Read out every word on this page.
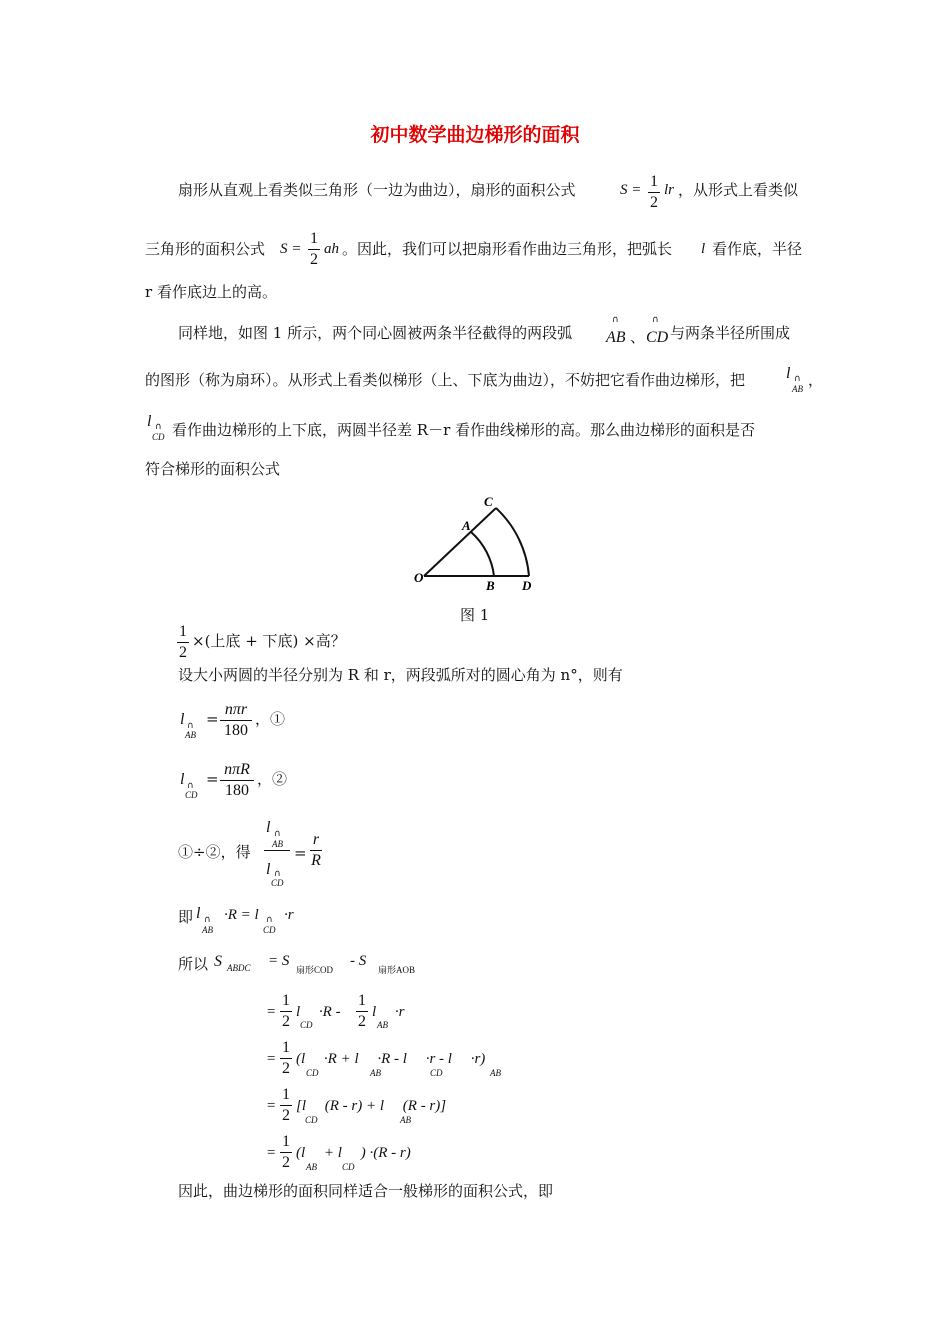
初中数学曲边梯形的面积
扇形从直观上看类似三角形（一边为曲边），扇形的面积公式	S = 1
2
lr ，从形式上看类似
三角形的面积公式 S =
1
2
ah 。因此，我们可以把扇形看作曲边三角形，把弧长 l 看作底，半径
r 看作底边上的高。
同样地，如图 1 所示，两个同心圆被两条半径截得的两段弧
∩
AB 、
∩
CD 与两条半径所围成
的图形（称为扇环）。从形式上看类似梯形（上、下底为曲边），不妨把它看作曲边梯形，把	l ∩
AB ，
l ∩
CD 看作曲边梯形的上下底，两圆半径差 R－r 看作曲线梯形的高。那么曲边梯形的面积是否
符合梯形的面积公式
O
A
B
C
D
图 1
1
2
×(上底 + 下底) ×高？
设大小两圆的半径分别为 R 和 r，两段弧所对的圆心角为 n°，则有
l ∩
AB
=
nπr
180
，①
l ∩
CD
=
nπR
180
，②
①÷②，得
l ∩
AB
l ∩
CD
=
r
R
即 l ∩
AB
·R = l ∩
CD
·r
所以 S ABDC = S
扇形COD
- S
扇形AOB
=
1
2
l     ·R -
1
2
l     ·r
CD	AB
=
1
2
(l     ·R + l     ·R - l     ·r - l     ·r)
CD	AB	CD	AB
=
1
2
[l     (R - r) + l     (R - r)]
CD	AB
=
1
2
(l     + l     ) ·(R - r)
AB	CD
因此，曲边梯形的面积同样适合一般梯形的面积公式，即
